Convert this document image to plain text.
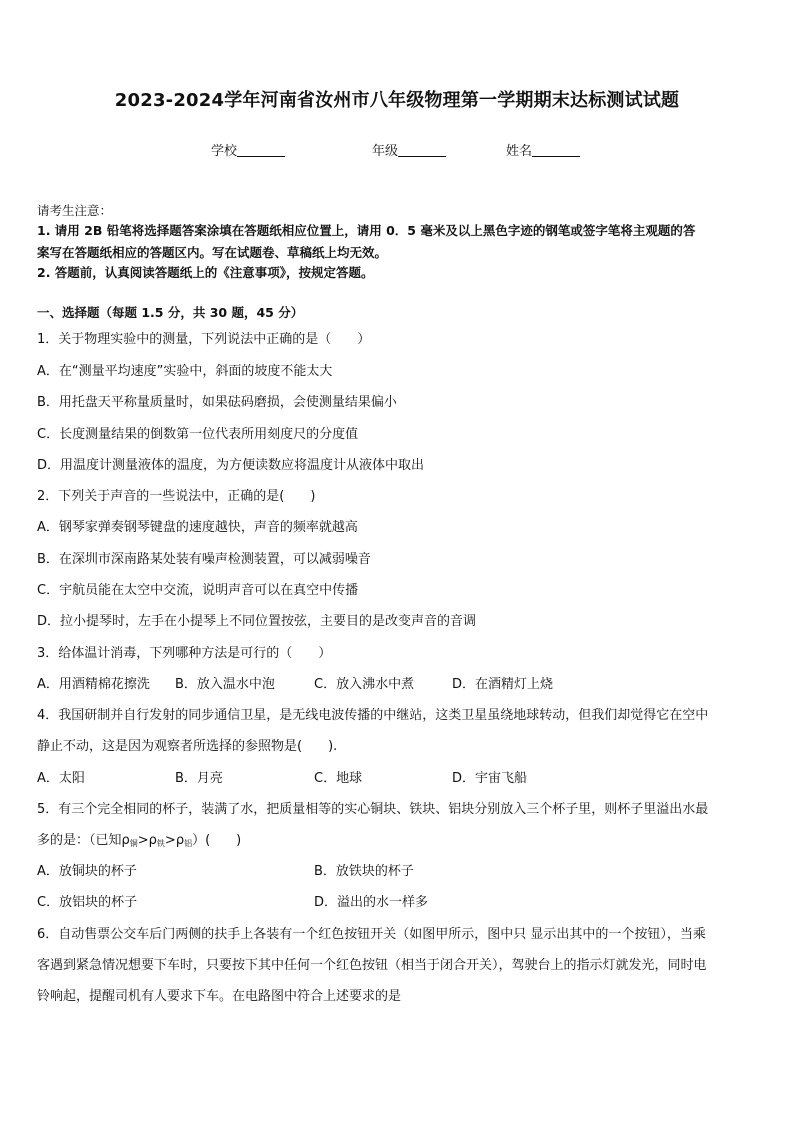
2023-2024学年河南省汝州市八年级物理第一学期期末达标测试试题
学校	年级	姓名
请考生注意：
1. 请用 2B 铅笔将选择题答案涂填在答题纸相应位置上，请用 0．5 毫米及以上黑色字迹的钢笔或签字笔将主观题的答
案写在答题纸相应的答题区内。写在试题卷、草稿纸上均无效。
2. 答题前，认真阅读答题纸上的《注意事项》，按规定答题。
一、选择题（每题 1.5 分，共 30 题，45 分）
1．关于物理实验中的测量，下列说法中正确的是（　　）
A．在“测量平均速度”实验中，斜面的坡度不能太大
B．用托盘天平称量质量时，如果砝码磨损，会使测量结果偏小
C．长度测量结果的倒数第一位代表所用刻度尺的分度值
D．用温度计测量液体的温度，为方便读数应将温度计从液体中取出
2．下列关于声音的一些说法中，正确的是(　　)
A．钢琴家弹奏钢琴键盘的速度越快，声音的频率就越高
B．在深圳市深南路某处装有噪声检测装置，可以减弱噪音
C．宇航员能在太空中交流，说明声音可以在真空中传播
D．拉小提琴时，左手在小提琴上不同位置按弦，主要目的是改变声音的音调
3．给体温计消毒，下列哪种方法是可行的（　　）
A．用酒精棉花擦洗 B．放入温水中泡	C．放入沸水中煮	D．在酒精灯上烧
4．我国研制并自行发射的同步通信卫星，是无线电波传播的中继站，这类卫星虽绕地球转动，但我们却觉得它在空中
静止不动，这是因为观察者所选择的参照物是(　　).
A．太阳	B．月亮	C．地球	D．宇宙飞船
5．有三个完全相同的杯子，装满了水，把质量相等的实心铜块、铁块、铝块分别放入三个杯子里，则杯子里溢出水最
多的是：（已知$\rho_铜>\rho_铁>\rho_铝$）(　　)
A．放铜块的杯子	B．放铁块的杯子
C．放铝块的杯子	D．溢出的水一样多
6．自动售票公交车后门两侧的扶手上各装有一个红色按钮开关（如图甲所示，图中只 显示出其中的一个按钮），当乘
客遇到紧急情况想要下车时，只要按下其中任何一个红色按钮（相当于闭合开关），驾驶台上的指示灯就发光，同时电
铃响起，提醒司机有人要求下车。在电路图中符合上述要求的是
